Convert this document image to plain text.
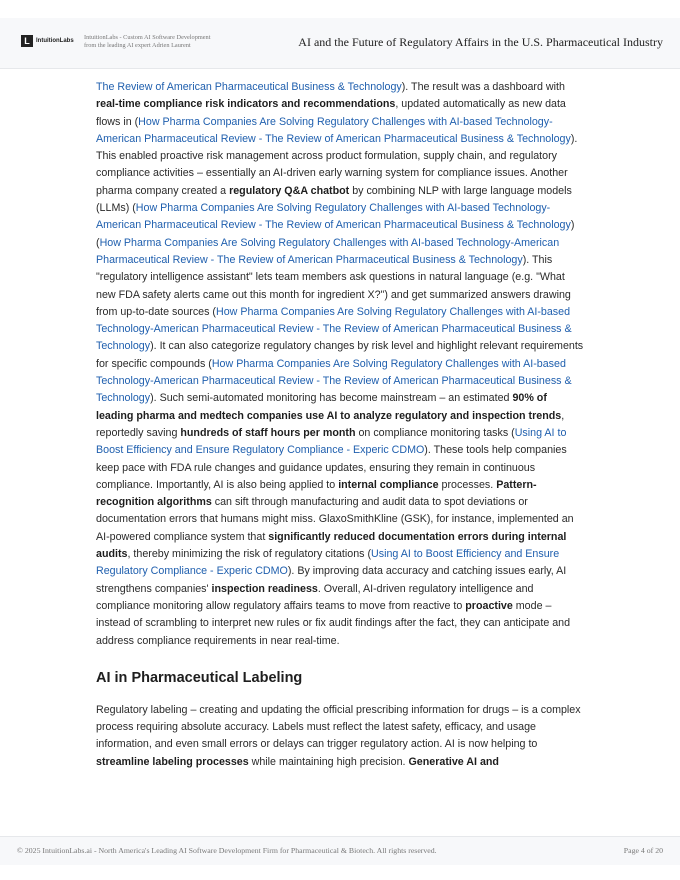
L	IntuitionLabs IntuitionLabs - Custom AI Software Development
from the leading AI expert Adrien Laurent	AI and the Future of Regulatory Affairs in the U.S. Pharmaceutical Industry

The Review of American Pharmaceutical Business & Technology). The result was a dashboard with real-time compliance risk indicators and recommendations, updated automatically as new data flows in (How Pharma Companies Are Solving Regulatory Challenges with AI-based Technology-American Pharmaceutical Review - The Review of American Pharmaceutical Business & Technology). This enabled proactive risk management across product formulation, supply chain, and regulatory compliance activities – essentially an AI-driven early warning system for compliance issues. Another pharma company created a regulatory Q&A chatbot by combining NLP with large language models (LLMs) (How Pharma Companies Are Solving Regulatory Challenges with AI-based Technology-American Pharmaceutical Review - The Review of American Pharmaceutical Business & Technology) (How Pharma Companies Are Solving Regulatory Challenges with AI-based Technology-American Pharmaceutical Review - The Review of American Pharmaceutical Business & Technology). This "regulatory intelligence assistant" lets team members ask questions in natural language (e.g. "What new FDA safety alerts came out this month for ingredient X?") and get summarized answers drawing from up-to-date sources (How Pharma Companies Are Solving Regulatory Challenges with AI-based Technology-American Pharmaceutical Review - The Review of American Pharmaceutical Business & Technology). It can also categorize regulatory changes by risk level and highlight relevant requirements for specific compounds (How Pharma Companies Are Solving Regulatory Challenges with AI-based Technology-American Pharmaceutical Review - The Review of American Pharmaceutical Business & Technology). Such semi-automated monitoring has become mainstream – an estimated 90% of leading pharma and medtech companies use AI to analyze regulatory and inspection trends, reportedly saving hundreds of staff hours per month on compliance monitoring tasks (Using AI to Boost Efficiency and Ensure Regulatory Compliance - Experic CDMO). These tools help companies keep pace with FDA rule changes and guidance updates, ensuring they remain in continuous compliance. Importantly, AI is also being applied to internal compliance processes. Pattern-recognition algorithms can sift through manufacturing and audit data to spot deviations or documentation errors that humans might miss. GlaxoSmithKline (GSK), for instance, implemented an AI-powered compliance system that significantly reduced documentation errors during internal audits, thereby minimizing the risk of regulatory citations (Using AI to Boost Efficiency and Ensure Regulatory Compliance - Experic CDMO). By improving data accuracy and catching issues early, AI strengthens companies' inspection readiness. Overall, AI-driven regulatory intelligence and compliance monitoring allow regulatory affairs teams to move from reactive to proactive mode – instead of scrambling to interpret new rules or fix audit findings after the fact, they can anticipate and address compliance requirements in near real-time.

AI in Pharmaceutical Labeling

Regulatory labeling – creating and updating the official prescribing information for drugs – is a complex process requiring absolute accuracy. Labels must reflect the latest safety, efficacy, and usage information, and even small errors or delays can trigger regulatory action. AI is now helping to streamline labeling processes while maintaining high precision. Generative AI and

© 2025 IntuitionLabs.ai - North America's Leading AI Software Development Firm for Pharmaceutical & Biotech. All rights reserved.	Page 4 of 20
